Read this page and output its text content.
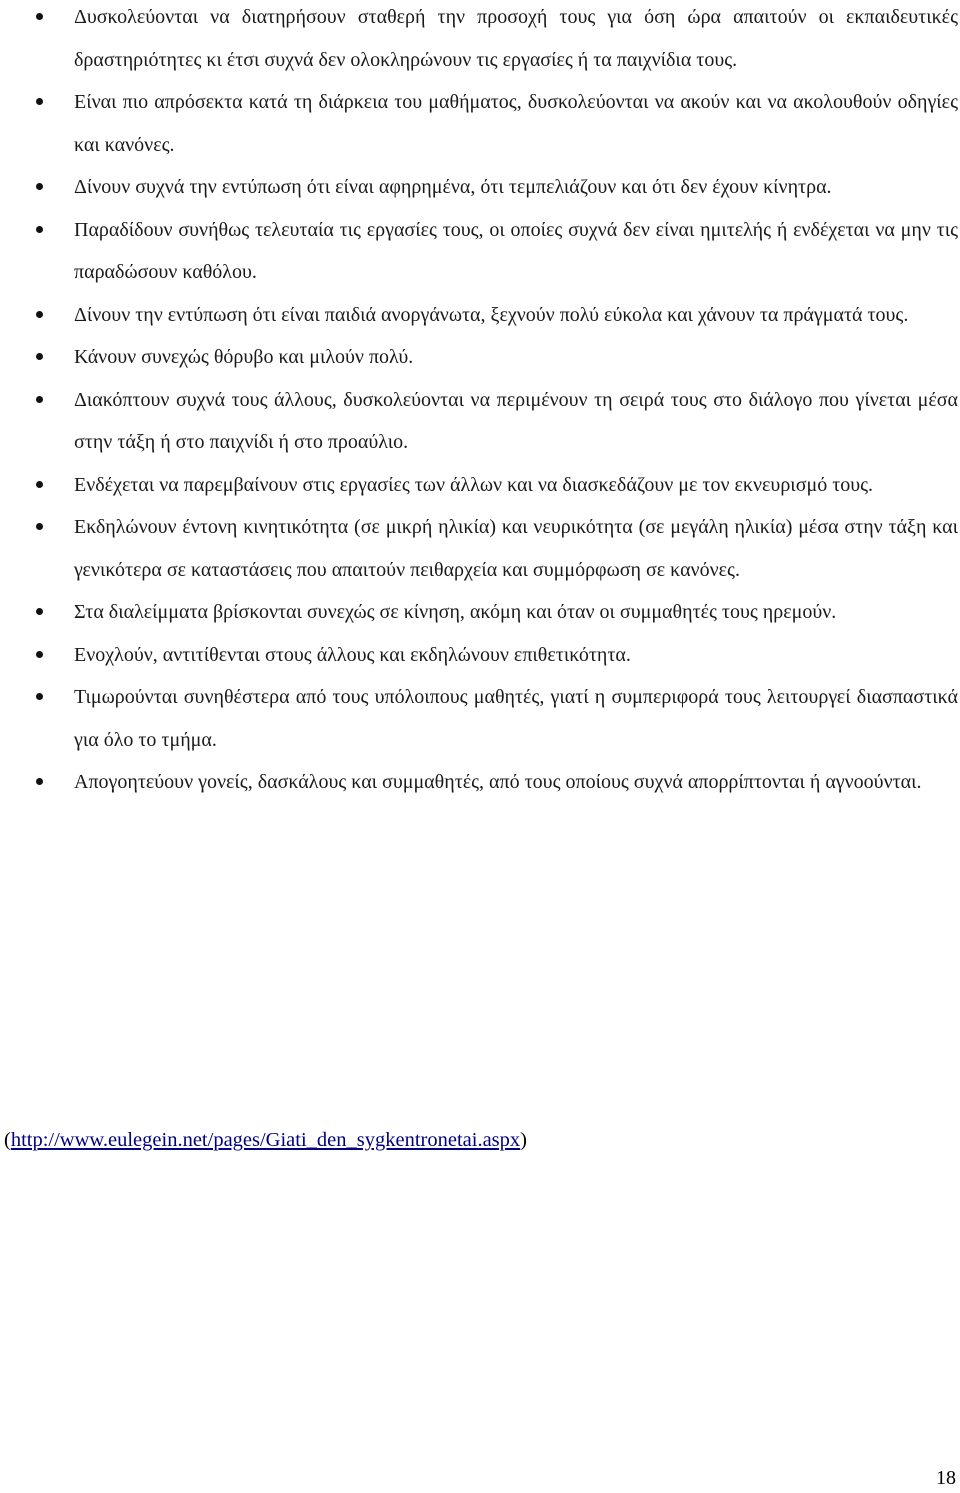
Δυσκολεύονται να διατηρήσουν σταθερή την προσοχή τους για όση ώρα απαιτούν οι εκπαιδευτικές δραστηριότητες κι έτσι συχνά δεν ολοκληρώνουν τις εργασίες ή τα παιχνίδια τους.
Είναι πιο απρόσεκτα κατά τη διάρκεια του μαθήματος, δυσκολεύονται να ακούν και να ακολουθούν οδηγίες και κανόνες.
Δίνουν συχνά την εντύπωση ότι είναι αφηρημένα, ότι τεμπελιάζουν και ότι δεν έχουν κίνητρα.
Παραδίδουν συνήθως τελευταία τις εργασίες τους, οι οποίες συχνά δεν είναι ημιτελής ή ενδέχεται να μην τις παραδώσουν καθόλου.
Δίνουν την εντύπωση ότι είναι παιδιά ανοργάνωτα, ξεχνούν πολύ εύκολα και χάνουν τα πράγματά τους.
Κάνουν συνεχώς θόρυβο και μιλούν πολύ.
Διακόπτουν συχνά τους άλλους, δυσκολεύονται να περιμένουν τη σειρά τους στο διάλογο που γίνεται μέσα στην τάξη ή στο παιχνίδι ή στο προαύλιο.
Ενδέχεται να παρεμβαίνουν στις εργασίες των άλλων και να διασκεδάζουν με τον εκνευρισμό τους.
Εκδηλώνουν έντονη κινητικότητα (σε μικρή ηλικία) και νευρικότητα (σε μεγάλη ηλικία) μέσα στην τάξη και γενικότερα σε καταστάσεις που απαιτούν πειθαρχεία και συμμόρφωση σε κανόνες.
Στα διαλείμματα βρίσκονται συνεχώς σε κίνηση, ακόμη και όταν οι συμμαθητές τους ηρεμούν.
Ενοχλούν, αντιτίθενται στους άλλους και εκδηλώνουν επιθετικότητα.
Τιμωρούνται συνηθέστερα από τους υπόλοιπους μαθητές, γιατί η συμπεριφορά τους λειτουργεί διασπαστικά για όλο το τμήμα.
Απογοητεύουν γονείς, δασκάλους και συμμαθητές, από τους οποίους συχνά απορρίπτονται ή αγνοούνται.
(http://www.eulegein.net/pages/Giati_den_sygkentronetai.aspx)
18
